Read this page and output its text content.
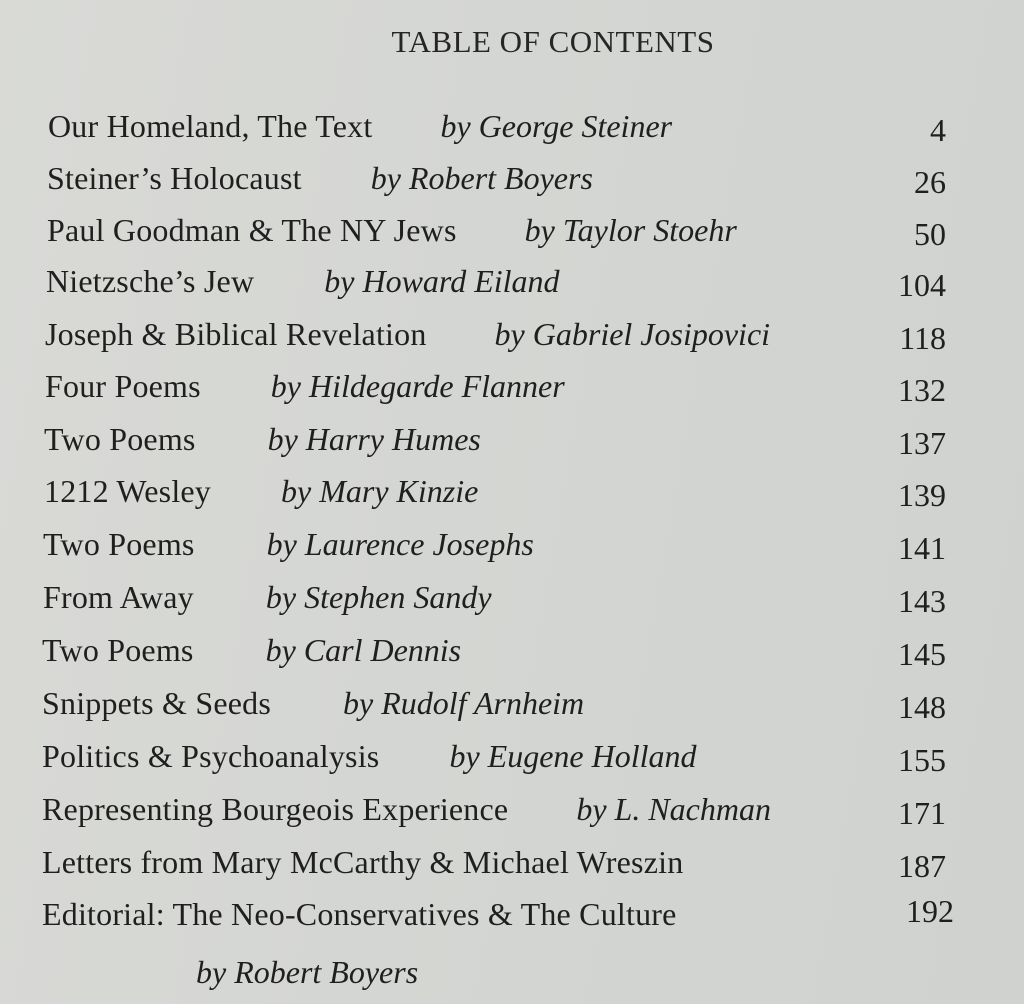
TABLE OF CONTENTS
Our Homeland, The Text by George Steiner	4
Steiner’s Holocaust by Robert Boyers	26
Paul Goodman & The NY Jews by Taylor Stoehr	50
Nietzsche’s Jew by Howard Eiland	104
Joseph & Biblical Revelation by Gabriel Josipovici	118
Four Poems by Hildegarde Flanner	132
Two Poems by Harry Humes	137
1212 Wesley by Mary Kinzie	139
Two Poems by Laurence Josephs	141
From Away by Stephen Sandy	143
Two Poems by Carl Dennis	145
Snippets & Seeds by Rudolf Arnheim	148
Politics & Psychoanalysis by Eugene Holland	155
Representing Bourgeois Experience by L. Nachman	171
Letters from Mary McCarthy & Michael Wreszin	187
Editorial: The Neo-Conservatives & The Culture	192
by Robert Boyers
